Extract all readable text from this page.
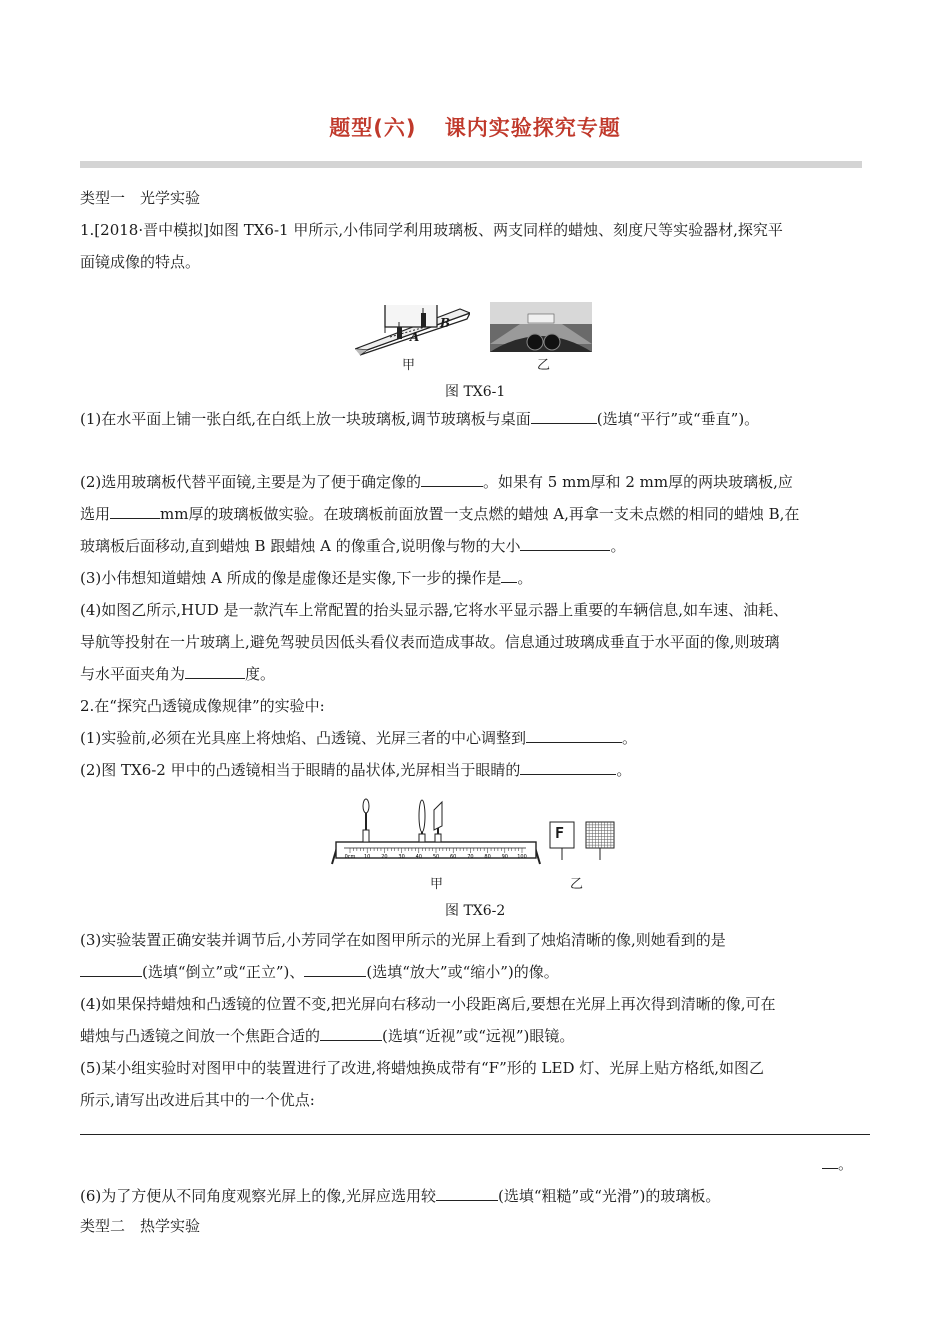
题型(六) 课内实验探究专题
类型一　光学实验
1.[2018·晋中模拟]如图 TX6-1 甲所示,小伟同学利用玻璃板、两支同样的蜡烛、刻度尺等实验器材,探究平
面镜成像的特点。
B
A
甲	乙
图 TX6-1
(1)在水平面上铺一张白纸,在白纸上放一块玻璃板,调节玻璃板与桌面	(选填“平行”或“垂直”)。
(2)选用玻璃板代替平面镜,主要是为了便于确定像的	。如果有 5 mm厚和 2 mm厚的两块玻璃板,应
选用	mm厚的玻璃板做实验。在玻璃板前面放置一支点燃的蜡烛 A,再拿一支未点燃的相同的蜡烛 B,在
玻璃板后面移动,直到蜡烛 B 跟蜡烛 A 的像重合,说明像与物的大小	。
(3)小伟想知道蜡烛 A 所成的像是虚像还是实像,下一步的操作是 。
(4)如图乙所示,HUD 是一款汽车上常配置的抬头显示器,它将水平显示器上重要的车辆信息,如车速、油耗、
导航等投射在一片玻璃上,避免驾驶员因低头看仪表而造成事故。信息通过玻璃成垂直于水平面的像,则玻璃
与水平面夹角为	度。
2.在“探究凸透镜成像规律”的实验中:
(1)实验前,必须在光具座上将烛焰、凸透镜、光屏三者的中心调整到	。
(2)图 TX6-2 甲中的凸透镜相当于眼睛的晶状体,光屏相当于眼睛的	。
0cm 10 20 30 40 50 60 70 80 90 100
甲
F
乙
图 TX6-2
(3)实验装置正确安装并调节后,小芳同学在如图甲所示的光屏上看到了烛焰清晰的像,则她看到的是
(选填“倒立”或“正立”)、	(选填“放大”或“缩小”)的像。
(4)如果保持蜡烛和凸透镜的位置不变,把光屏向右移动一小段距离后,要想在光屏上再次得到清晰的像,可在
蜡烛与凸透镜之间放一个焦距合适的	(选填“近视”或“远视”)眼镜。
(5)某小组实验时对图甲中的装置进行了改进,将蜡烛换成带有“F”形的 LED 灯、光屏上贴方格纸,如图乙
所示,请写出改进后其中的一个优点:
。
(6)为了方便从不同角度观察光屏上的像,光屏应选用较	(选填“粗糙”或“光滑”)的玻璃板。
类型二　热学实验
